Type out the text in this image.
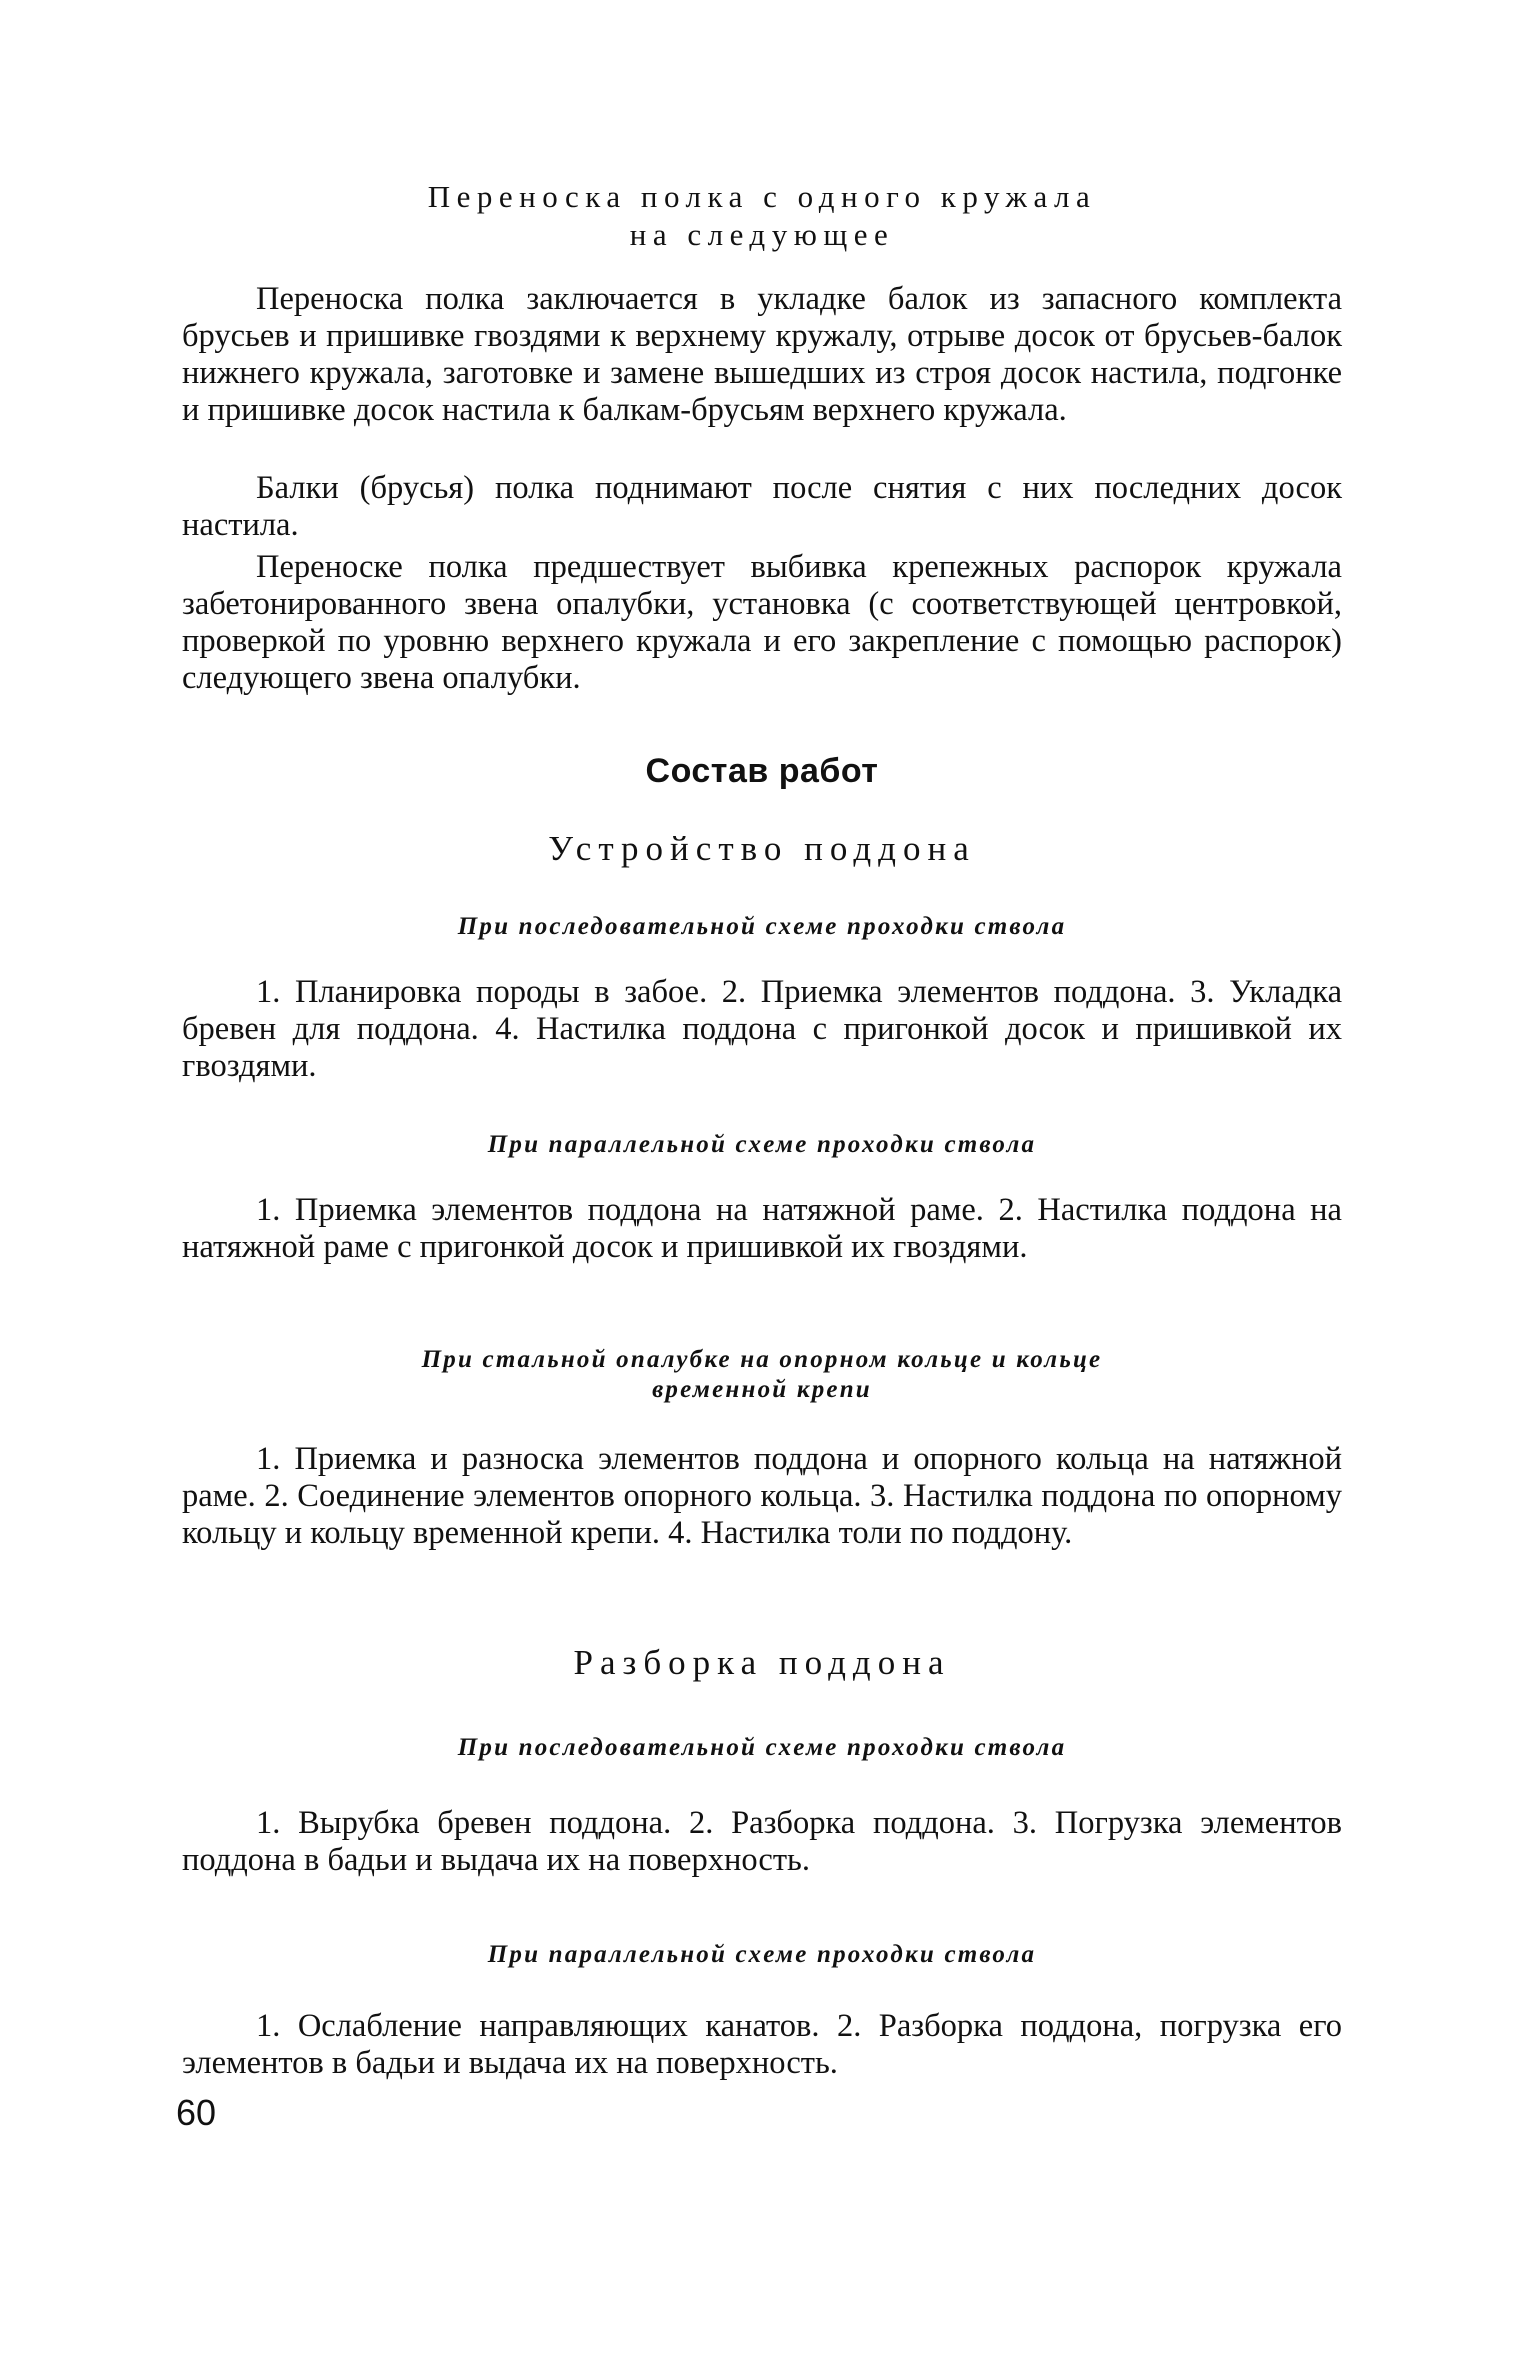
Переноска полка с одного кружала
на следующее

Переноска полка заключается в укладке балок из запасного комплекта брусьев и пришивке гвоздями к верхнему кружалу, отрыве досок от брусьев-балок нижнего кружала, заготовке и замене вышедших из строя досок настила, подгонке и пришивке досок настила к балкам-брусьям верхнего кружала.

Балки (брусья) полка поднимают после снятия с них последних досок настила.

Переноске полка предшествует выбивка крепежных распорок кружала забетонированного звена опалубки, установка (с соответствующей центровкой, проверкой по уровню верхнего кружала и его закрепление с помощью распорок) следующего звена опалубки.

Состав работ
Устройство поддона
При последовательной схеме проходки ствола

1. Планировка породы в забое. 2. Приемка элементов поддона. 3. Укладка бревен для поддона. 4. Настилка поддона с пригонкой досок и пришивкой их гвоздями.

При параллельной схеме проходки ствола

1. Приемка элементов поддона на натяжной раме. 2. Настилка поддона на натяжной раме с пригонкой досок и пришивкой их гвоздями.

При стальной опалубке на опорном кольце и кольце
временной крепи

1. Приемка и разноска элементов поддона и опорного кольца на натяжной раме. 2. Соединение элементов опорного кольца. 3. Настилка поддона по опорному кольцу и кольцу временной крепи. 4. Настилка толи по поддону.

Разборка поддона
При последовательной схеме проходки ствола

1. Вырубка бревен поддона. 2. Разборка поддона. 3. Погрузка элементов поддона в бадьи и выдача их на поверхность.

При параллельной схеме проходки ствола

1. Ослабление направляющих канатов. 2. Разборка поддона, погрузка его элементов в бадьи и выдача их на поверхность.

60
